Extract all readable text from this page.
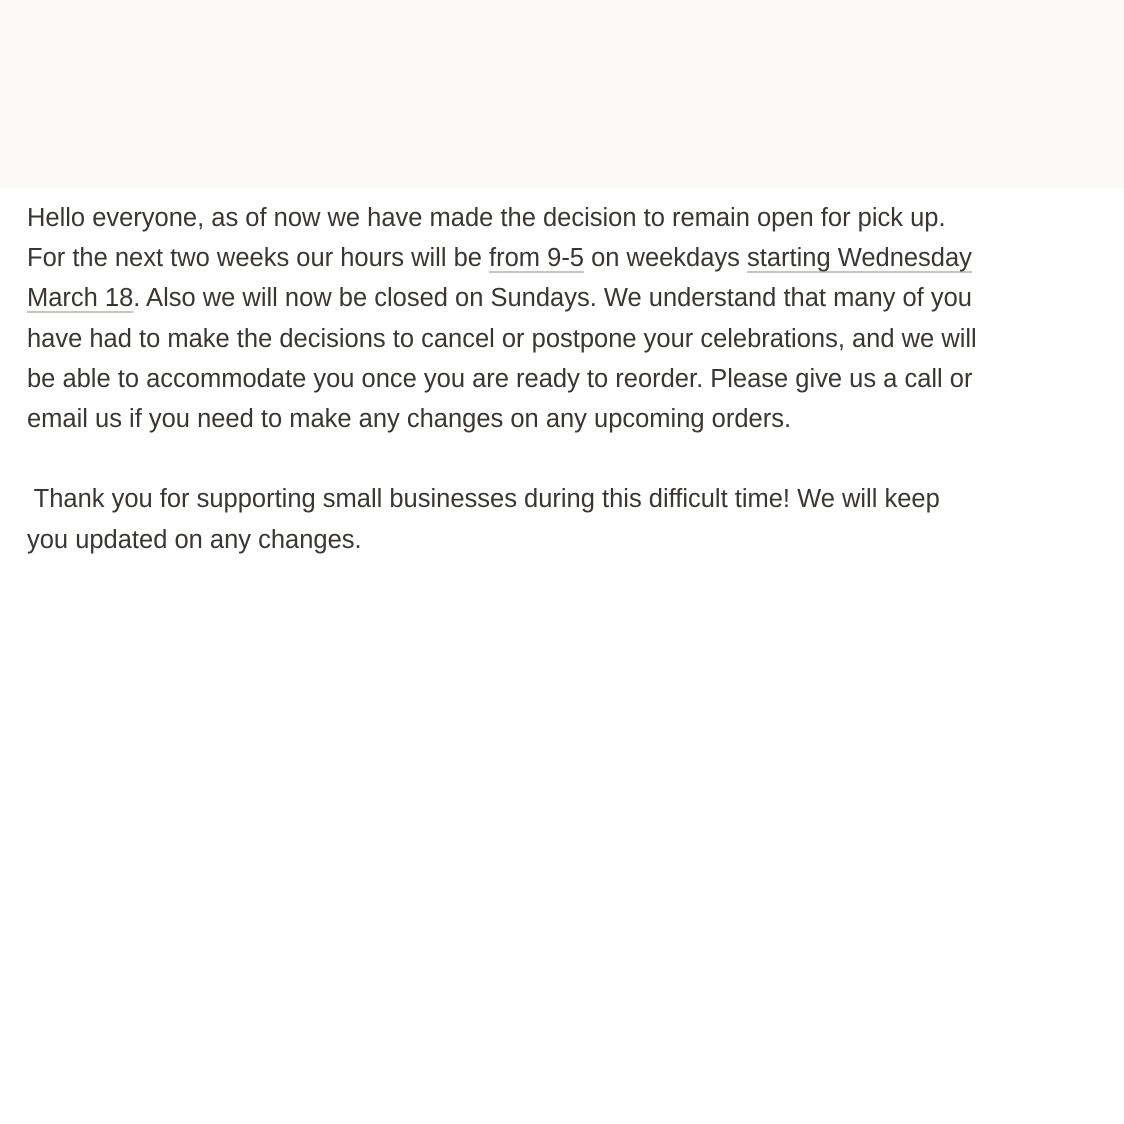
Hello everyone, as of now we have made the decision to remain open for pick up.
For the next two weeks our hours will be from 9-5 on weekdays starting Wednesday
March 18. Also we will now be closed on Sundays. We understand that many of you
have had to make the decisions to cancel or postpone your celebrations, and we will
be able to accommodate you once you are ready to reorder. Please give us a call or
email us if you need to make any changes on any upcoming orders.

Thank you for supporting small businesses during this difficult time! We will keep
you updated on any changes.
